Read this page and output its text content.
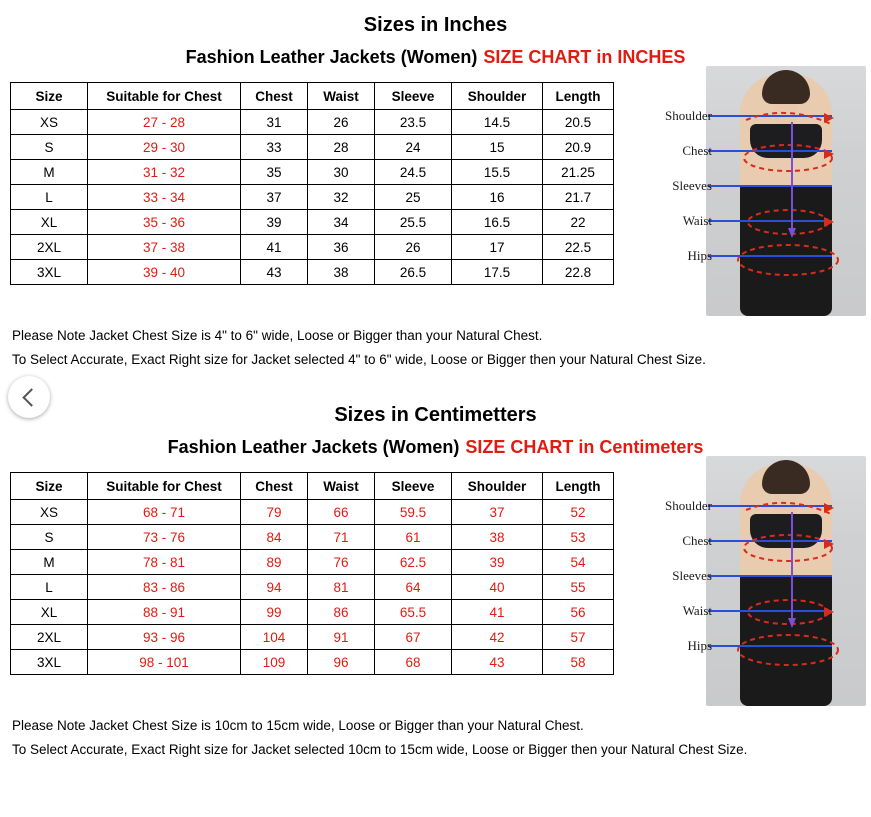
Sizes in Inches
Fashion Leather Jackets (Women) SIZE CHART in INCHES
Size	Suitable for Chest	Chest	Waist	Sleeve	Shoulder	Length
XS	27 - 28	31	26	23.5	14.5	20.5
S	29 - 30	33	28	24	15	20.9
M	31 - 32	35	30	24.5	15.5	21.25
L	33 - 34	37	32	25	16	21.7
XL	35 - 36	39	34	25.5	16.5	22
2XL	37 - 38	41	36	26	17	22.5
3XL	39 - 40	43	38	26.5	17.5	22.8
Shoulder
Chest
Sleeves
Waist
Hips
Please Note Jacket Chest Size is 4" to 6" wide, Loose or Bigger than your Natural Chest.
To Select Accurate, Exact Right size for Jacket selected 4" to 6" wide, Loose or Bigger then your Natural Chest Size.
Sizes in Centimetters
Fashion Leather Jackets (Women) SIZE CHART in Centimeters
Size	Suitable for Chest	Chest	Waist	Sleeve	Shoulder	Length
XS	68 - 71	79	66	59.5	37	52
S	73 - 76	84	71	61	38	53
M	78 - 81	89	76	62.5	39	54
L	83 - 86	94	81	64	40	55
XL	88 - 91	99	86	65.5	41	56
2XL	93 - 96	104	91	67	42	57
3XL	98 - 101	109	96	68	43	58
Shoulder
Chest
Sleeves
Waist
Hips
Please Note Jacket Chest Size is 10cm to 15cm wide, Loose or Bigger than your Natural Chest.
To Select Accurate, Exact Right size for Jacket selected 10cm to 15cm wide, Loose or Bigger then your Natural Chest Size.
